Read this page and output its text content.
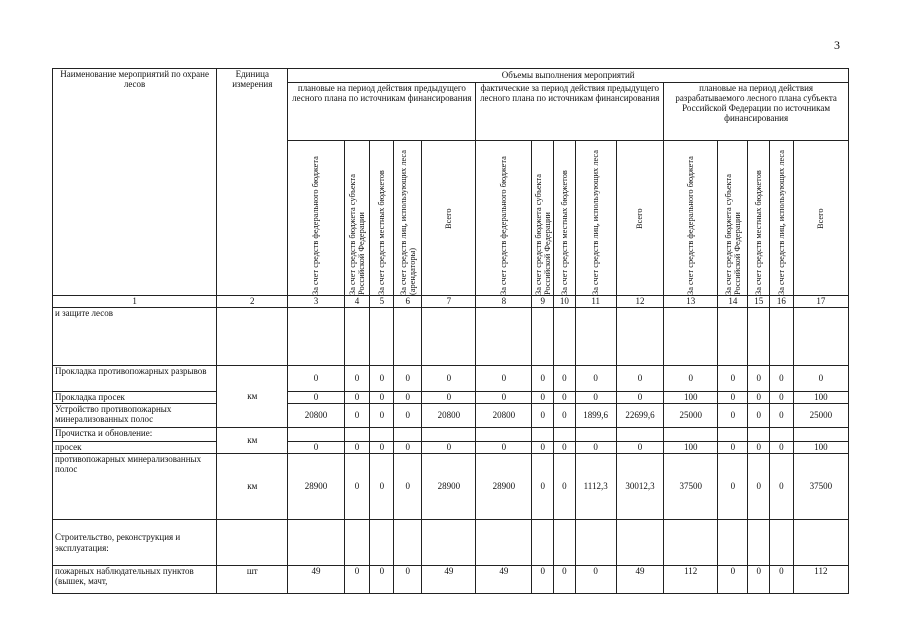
3
Наименование мероприятий по охране лесов	Единица измерения	Объемы выполнения мероприятий														
		плановые на период действия предыдущего лесного плана по источникам финансирования					фактические за период действия предыдущего лесного плана по источникам финансирования					плановые на период действия разрабатываемого лесного плана субъекта Российской Федерации по источникам финансирования				

		За счет средств федерального бюджета	За счет средств бюджета субъекта Российской Федерации	За счет средств местных бюджетов	За счет средств лиц, использующих леса (арендаторы)	Всего	За счет средств федерального бюджета	За счет средств бюджета субъекта Российской Федерации	За счет средств местных бюджетов	За счет средств лиц, использующих леса	Всего	За счет средств федерального бюджета	За счет средств бюджета субъекта Российской Федерации	За счет средств местных бюджетов	За счет средств лиц, использующих леса	Всего

1	2	3	4	5	6	7	8	9	10	11	12	13	14	15	16	17
и защите лесов																
Прокладка противопожарных разрывов	км	0	0	0	0	0	0	0	0	0	0	0	0	0	0	0
Прокладка просек		0	0	0	0	0	0	0	0	0	0	100	0	0	0	100
Устройство противопожарных минерализованных полос		20800	0	0	0	20800	20800	0	0	1899,6	22699,6	25000	0	0	0	25000
Прочистка и обновление:	км															
просек		0	0	0	0	0	0	0	0	0	0	100	0	0	0	100
противопожарных минерализованных полос	км	28900	0	0	0	28900	28900	0	0	1112,3	30012,3	37500	0	0	0	37500
Строительство, реконструкция и эксплуатация:																
пожарных наблюдательных пунктов (вышек, мачт,	шт	49	0	0	0	49	49	0	0	0	49	112	0	0	0	112
